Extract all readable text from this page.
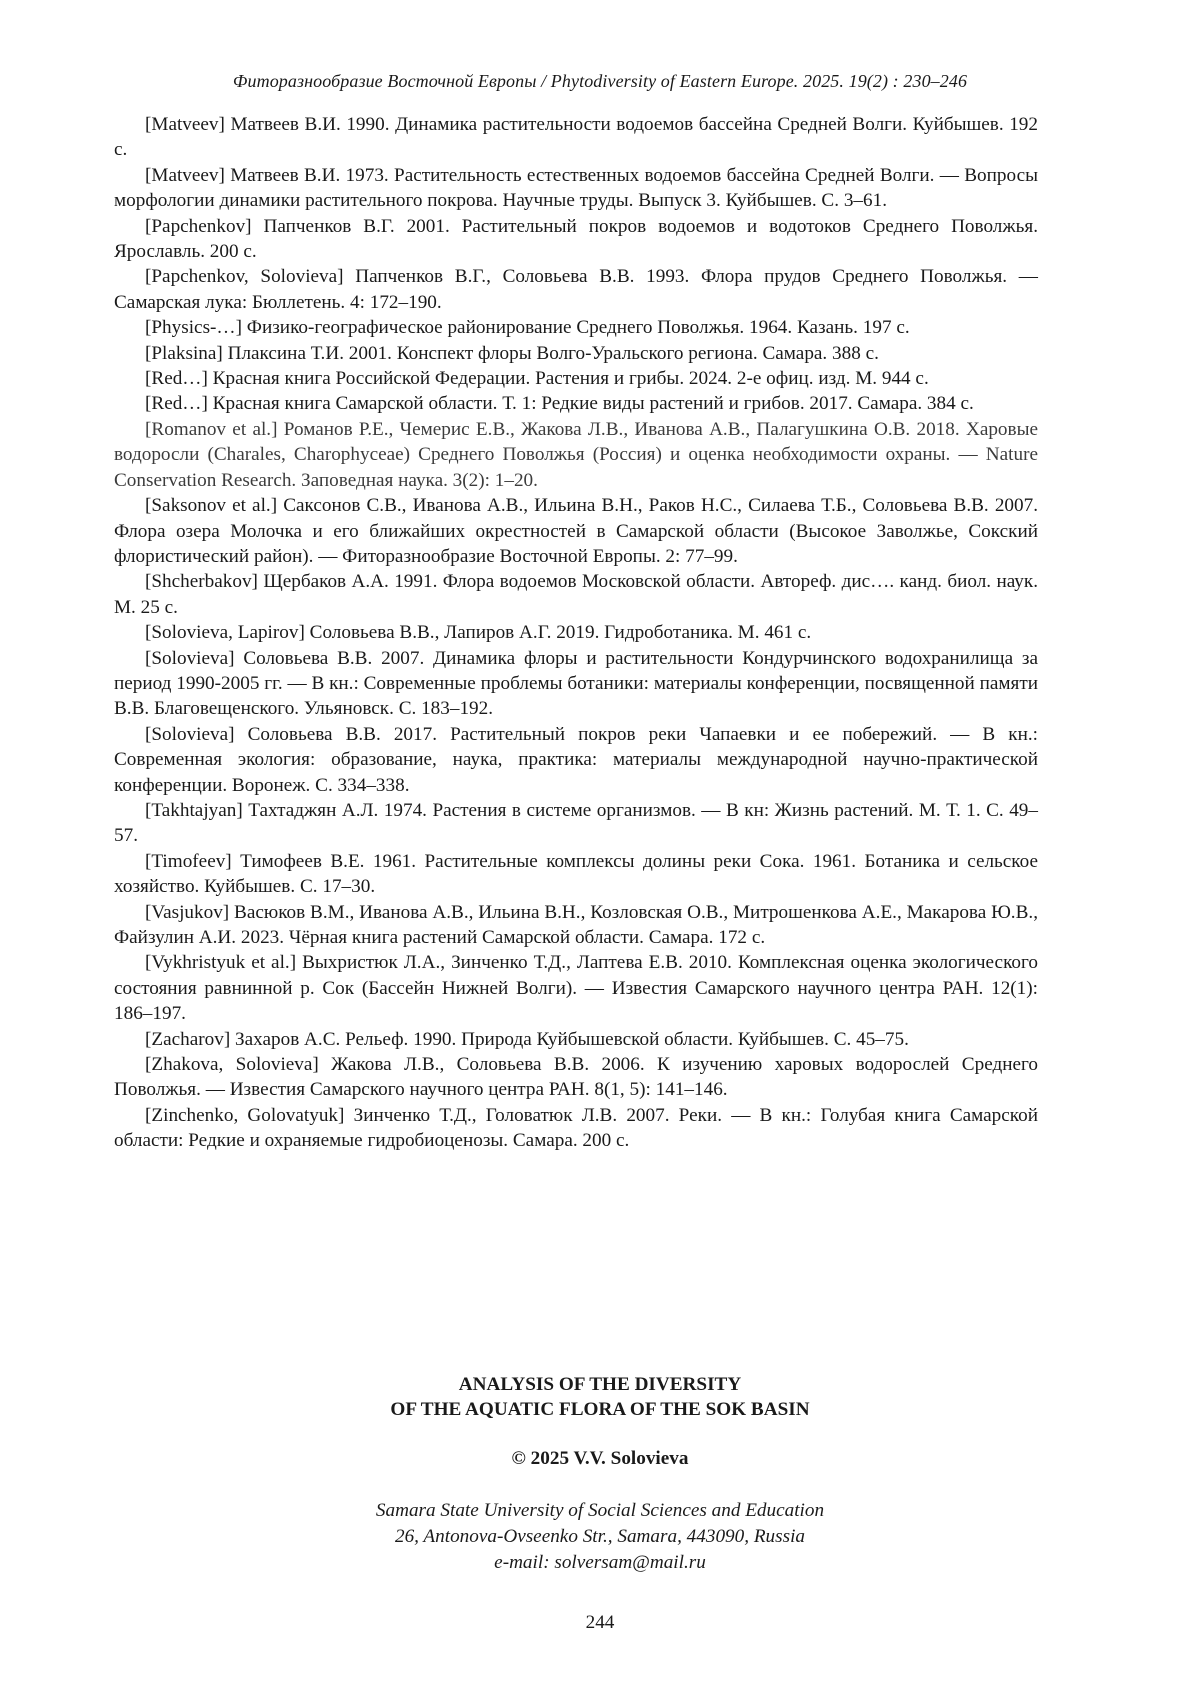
Фиторазнообразие Восточной Европы / Phytodiversity of Eastern Europe. 2025. 19(2) : 230–246

[Matveev] Матвеев В.И. 1990. Динамика растительности водоемов бассейна Средней Волги. Куйбышев. 192 с.

[Matveev] Матвеев В.И. 1973. Растительность естественных водоемов бассейна Средней Волги. — Вопросы морфологии динамики растительного покрова. Научные труды. Выпуск 3. Куйбышев. С. 3–61.

[Papchenkov] Папченков В.Г. 2001. Растительный покров водоемов и водотоков Среднего Поволжья. Ярославль. 200 с.

[Papchenkov, Solovieva] Папченков В.Г., Соловьева В.В. 1993. Флора прудов Среднего Поволжья. — Самарская лука: Бюллетень. 4: 172–190.

[Physics-…] Физико-географическое районирование Среднего Поволжья. 1964. Казань. 197 с.

[Plaksina] Плаксина Т.И. 2001. Конспект флоры Волго-Уральского региона. Самара. 388 с.

[Red…] Красная книга Российской Федерации. Растения и грибы. 2024. 2-е офиц. изд. М. 944 с.

[Red…] Красная книга Самарской области. Т. 1: Редкие виды растений и грибов. 2017. Самара. 384 с.

[Romanov et al.] Романов Р.Е., Чемерис Е.В., Жакова Л.В., Иванова А.В., Палагушкина О.В. 2018. Харовые водоросли (Charales, Charophyceae) Среднего Поволжья (Россия) и оценка необходимости охраны. — Nature Conservation Research. Заповедная наука. 3(2): 1–20.

[Saksonov et al.] Саксонов С.В., Иванова А.В., Ильина В.Н., Раков Н.С., Силаева Т.Б., Соловьева В.В. 2007. Флора озера Молочка и его ближайших окрестностей в Самарской области (Высокое Заволжье, Сокский флористический район). — Фиторазнообразие Восточной Европы. 2: 77–99.

[Shcherbakov] Щербаков А.А. 1991. Флора водоемов Московской области. Автореф. дис…. канд. биол. наук. М. 25 с.

[Solovieva, Lapirov] Соловьева В.В., Лапиров А.Г. 2019. Гидроботаника. М. 461 с.

[Solovieva] Соловьева В.В. 2007. Динамика флоры и растительности Кондурчинского водохранилища за период 1990-2005 гг. — В кн.: Современные проблемы ботаники: материалы конференции, посвященной памяти В.В. Благовещенского. Ульяновск. С. 183–192.

[Solovieva] Соловьева В.В. 2017. Растительный покров реки Чапаевки и ее побережий. — В кн.: Современная экология: образование, наука, практика: материалы международной научно-практической конференции. Воронеж. С. 334–338.

[Takhtajyan] Тахтаджян А.Л. 1974. Растения в системе организмов. — В кн: Жизнь растений. М. Т. 1. С. 49–57.

[Timofeev] Тимофеев В.Е. 1961. Растительные комплексы долины реки Сока. 1961. Ботаника и сельское хозяйство. Куйбышев. С. 17–30.

[Vasjukov] Васюков В.М., Иванова А.В., Ильина В.Н., Козловская О.В., Митрошенкова А.Е., Макарова Ю.В., Файзулин А.И. 2023. Чёрная книга растений Самарской области. Самара. 172 с.

[Vykhristyuk et al.] Выхристюк Л.А., Зинченко Т.Д., Лаптева Е.В. 2010. Комплексная оценка экологического состояния равнинной р. Сок (Бассейн Нижней Волги). — Известия Самарского научного центра РАН. 12(1): 186–197.

[Zacharov] Захаров А.С. Рельеф. 1990. Природа Куйбышевской области. Куйбышев. С. 45–75.

[Zhakova, Solovieva] Жакова Л.В., Соловьева В.В. 2006. К изучению харовых водорослей Среднего Поволжья. — Известия Самарского научного центра РАН. 8(1, 5): 141–146.

[Zinchenko, Golovatyuk] Зинченко Т.Д., Головатюк Л.В. 2007. Реки. — В кн.: Голубая книга Самарской области: Редкие и охраняемые гидробиоценозы. Самара. 200 с.

ANALYSIS OF THE DIVERSITY
OF THE AQUATIC FLORA OF THE SOK BASIN
© 2025 V.V. Solovieva
Samara State University of Social Sciences and Education
26, Antonova-Ovseenko Str., Samara, 443090, Russia
e-mail: solversam@mail.ru
244
